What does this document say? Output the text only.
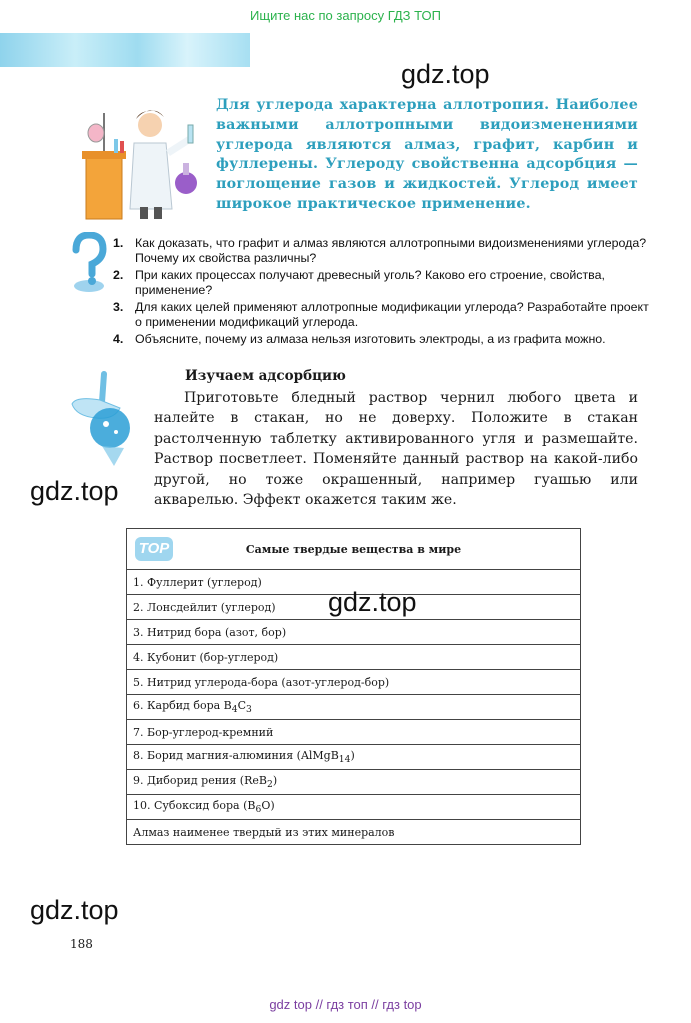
Ищите нас по запросу ГДЗ ТОП
gdz.top
Для углерода характерна аллотропия. Наиболее важными аллотропными видоизменениями углерода являются алмаз, графит, карбин и фуллерены. Углероду свойственна адсорбция — поглощение газов и жидкостей. Углерод имеет широкое практическое применение.
1. Как доказать, что графит и алмаз являются аллотропными видоизменениями углерода? Почему их свойства различны?
2. При каких процессах получают древесный уголь? Каково его строение, свойства, применение?
3. Для каких целей применяют аллотропные модификации углерода? Разработайте проект о применении модификаций углерода.
4. Объясните, почему из алмаза нельзя изготовить электроды, а из графита можно.
Изучаем адсорбцию
Приготовьте бледный раствор чернил любого цвета и налейте в стакан, но не доверху. Положите в стакан растолченную таблетку активированного угля и размешайте. Раствор посветлеет. Поменяйте данный раствор на какой-либо другой, но тоже окрашенный, например гуашью или акварелью. Эффект окажется таким же.
gdz.top
TOP	Самые твердые вещества в мире
1. Фуллерит (углерод)
2. Лонсдейлит (углерод)
3. Нитрид бора (азот, бор)
4. Кубонит (бор-углерод)
5. Нитрид углерода-бора (азот-углерод-бор)
6. Карбид бора $B_4C_3$
7. Бор-углерод-кремний
8. Борид магния-алюминия (AlMgB$_{14}$)
9. Диборид рения (ReB$_2$)
10. Субоксид бора $(B_6O)$
Алмаз наименее твердый из этих минералов
gdz.top
gdz.top
188
gdz top // гдз топ // гдз top
